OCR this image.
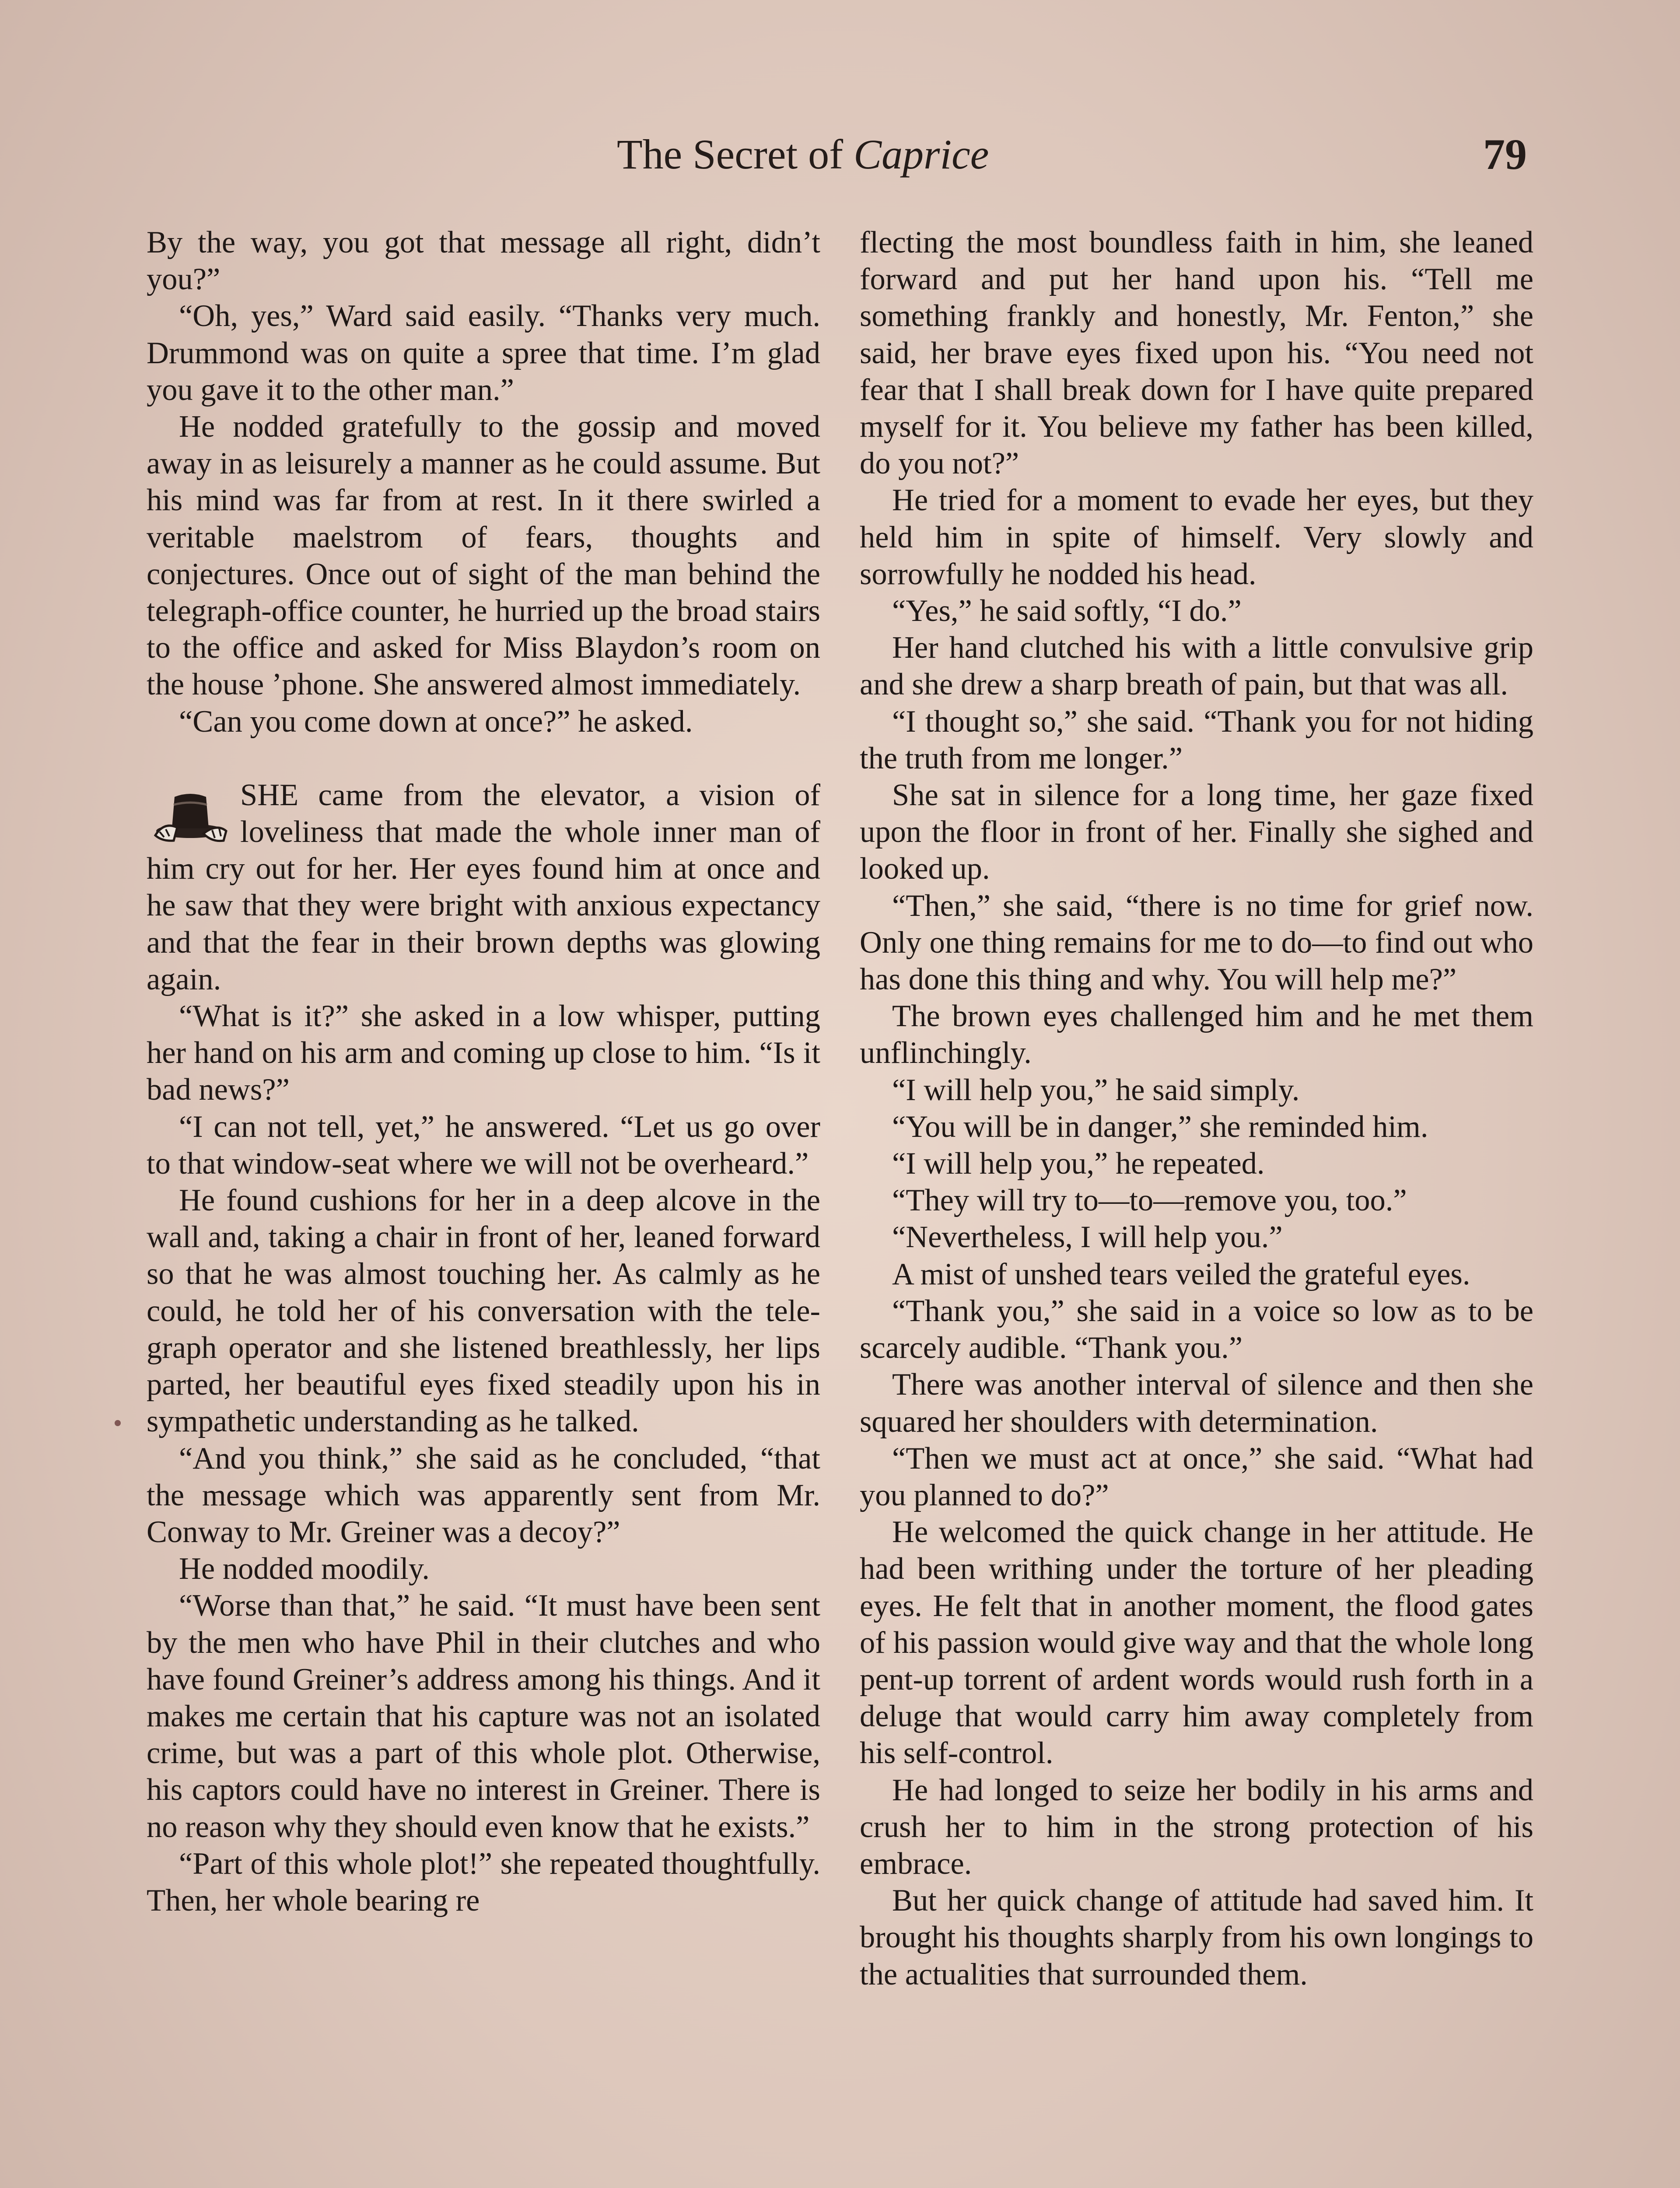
The Secret of Caprice	79

By the way, you got that message all right, didn’t you?”

“Oh, yes,” Ward said easily. “Thanks very much. Drummond was on quite a spree that time. I’m glad you gave it to the other man.”

He nodded gratefully to the gossip and moved away in as leisurely a manner as he could assume. But his mind was far from at rest. In it there swirled a veritable maelstrom of fears, thoughts and conjectures. Once out of sight of the man behind the telegraph-office counter, he hurried up the broad stairs to the office and asked for Miss Blaydon’s room on the house ’phone. She answered almost immediately.

“Can you come down at once?” he asked.

SHE came from the elevator, a vision of loveliness that made the whole inner man of him cry out for her. Her eyes found him at once and he saw that they were bright with anxious expectancy and that the fear in their brown depths was glowing again.

“What is it?” she asked in a low whisper, putting her hand on his arm and coming up close to him. “Is it bad news?”

“I can not tell, yet,” he answered. “Let us go over to that window-seat where we will not be overheard.”

He found cushions for her in a deep alcove in the wall and, taking a chair in front of her, leaned forward so that he was almost touching her. As calmly as he could, he told her of his conversation with the telegraph operator and she listened breathlessly, her lips parted, her beautiful eyes fixed steadily upon his in sympathetic understanding as he talked.

“And you think,” she said as he concluded, “that the message which was apparently sent from Mr. Conway to Mr. Greiner was a decoy?”

He nodded moodily.

“Worse than that,” he said. “It must have been sent by the men who have Phil in their clutches and who have found Greiner’s address among his things. And it makes me certain that his capture was not an isolated crime, but was a part of this whole plot. Otherwise, his captors could have no interest in Greiner. There is no reason why they should even know that he exists.”

“Part of this whole plot!” she repeated thoughtfully. Then, her whole bearing re

flecting the most boundless faith in him, she leaned forward and put her hand upon his. “Tell me something frankly and honestly, Mr. Fenton,” she said, her brave eyes fixed upon his. “You need not fear that I shall break down for I have quite prepared myself for it. You believe my father has been killed, do you not?”

He tried for a moment to evade her eyes, but they held him in spite of himself. Very slowly and sorrowfully he nodded his head.

“Yes,” he said softly, “I do.”

Her hand clutched his with a little convulsive grip and she drew a sharp breath of pain, but that was all.

“I thought so,” she said. “Thank you for not hiding the truth from me longer.”

She sat in silence for a long time, her gaze fixed upon the floor in front of her. Finally she sighed and looked up.

“Then,” she said, “there is no time for grief now. Only one thing remains for me to do—to find out who has done this thing and why. You will help me?”

The brown eyes challenged him and he met them unflinchingly.

“I will help you,” he said simply.

“You will be in danger,” she reminded him.

“I will help you,” he repeated.

“They will try to—to—remove you, too.”

“Nevertheless, I will help you.”

A mist of unshed tears veiled the grateful eyes.

“Thank you,” she said in a voice so low as to be scarcely audible. “Thank you.”

There was another interval of silence and then she squared her shoulders with determination.

“Then we must act at once,” she said. “What had you planned to do?”

He welcomed the quick change in her attitude. He had been writhing under the torture of her pleading eyes. He felt that in another moment, the flood gates of his passion would give way and that the whole long pent-up torrent of ardent words would rush forth in a deluge that would carry him away completely from his self-control.

He had longed to seize her bodily in his arms and crush her to him in the strong protection of his embrace.

But her quick change of attitude had saved him. It brought his thoughts sharply from his own longings to the actualities that surrounded them.
